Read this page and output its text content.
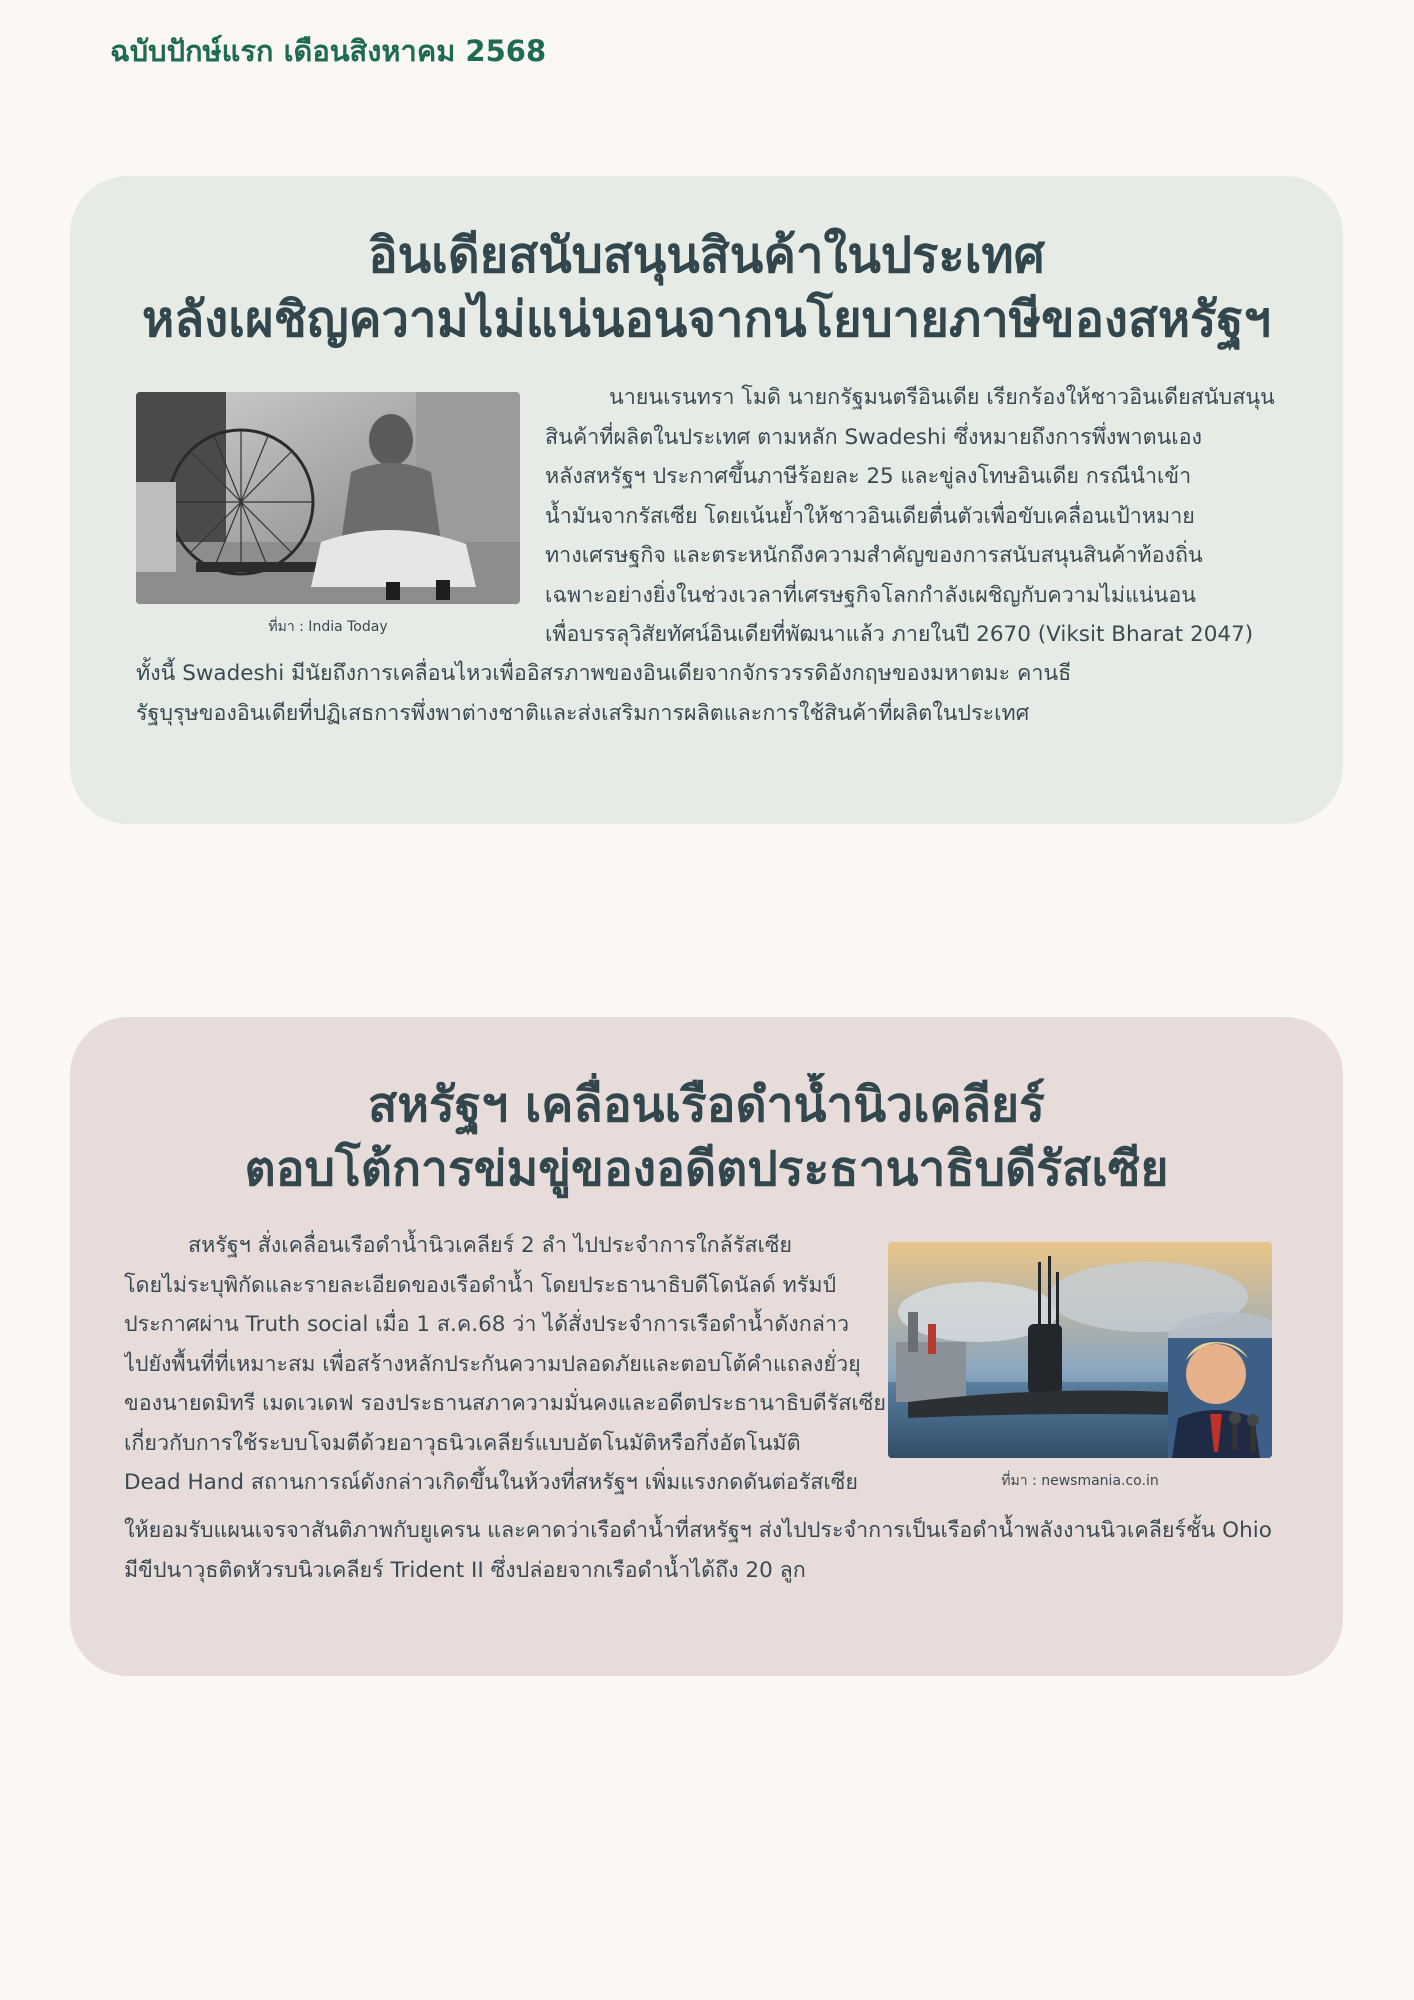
ฉบับปักษ์แรก เดือนสิงหาคม 2568
อินเดียสนับสนุนสินค้าในประเทศ
หลังเผชิญความไม่แน่นอนจากนโยบายภาษีของสหรัฐฯ
ที่มา : India Today

นายนเรนทรา โมดิ นายกรัฐมนตรีอินเดีย เรียกร้องให้ชาวอินเดียสนับสนุน
สินค้าที่ผลิตในประเทศ ตามหลัก Swadeshi ซึ่งหมายถึงการพึ่งพาตนเอง
หลังสหรัฐฯ ประกาศขึ้นภาษีร้อยละ 25 และขู่ลงโทษอินเดีย กรณีนำเข้า
น้ำมันจากรัสเซีย โดยเน้นย้ำให้ชาวอินเดียตื่นตัวเพื่อขับเคลื่อนเป้าหมาย
ทางเศรษฐกิจ และตระหนักถึงความสำคัญของการสนับสนุนสินค้าท้องถิ่น
เฉพาะอย่างยิ่งในช่วงเวลาที่เศรษฐกิจโลกกำลังเผชิญกับความไม่แน่นอน
เพื่อบรรลุวิสัยทัศน์อินเดียที่พัฒนาแล้ว ภายในปี 2670 (Viksit Bharat 2047)

ทั้งนี้ Swadeshi มีนัยถึงการเคลื่อนไหวเพื่ออิสรภาพของอินเดียจากจักรวรรดิอังกฤษของมหาตมะ คานธี
รัฐบุรุษของอินเดียที่ปฏิเสธการพึ่งพาต่างชาติและส่งเสริมการผลิตและการใช้สินค้าที่ผลิตในประเทศ

สหรัฐฯ เคลื่อนเรือดำน้ำนิวเคลียร์
ตอบโต้การข่มขู่ของอดีตประธานาธิบดีรัสเซีย

สหรัฐฯ สั่งเคลื่อนเรือดำน้ำนิวเคลียร์ 2 ลำ ไปประจำการใกล้รัสเซีย
โดยไม่ระบุพิกัดและรายละเอียดของเรือดำน้ำ โดยประธานาธิบดีโดนัลด์ ทรัมป์
ประกาศผ่าน Truth social เมื่อ 1 ส.ค.68 ว่า ได้สั่งประจำการเรือดำน้ำดังกล่าว
ไปยังพื้นที่ที่เหมาะสม เพื่อสร้างหลักประกันความปลอดภัยและตอบโต้คำแถลงยั่วยุ
ของนายดมิทรี เมดเวเดฟ รองประธานสภาความมั่นคงและอดีตประธานาธิบดีรัสเซีย
เกี่ยวกับการใช้ระบบโจมตีด้วยอาวุธนิวเคลียร์แบบอัตโนมัติหรือกึ่งอัตโนมัติ
Dead Hand สถานการณ์ดังกล่าวเกิดขึ้นในห้วงที่สหรัฐฯ เพิ่มแรงกดดันต่อรัสเซีย	ที่มา : newsmania.co.in

ให้ยอมรับแผนเจรจาสันติภาพกับยูเครน และคาดว่าเรือดำน้ำที่สหรัฐฯ ส่งไปประจำการเป็นเรือดำน้ำพลังงานนิวเคลียร์ชั้น Ohio
มีขีปนาวุธติดหัวรบนิวเคลียร์ Trident II ซึ่งปล่อยจากเรือดำน้ำได้ถึง 20 ลูก
